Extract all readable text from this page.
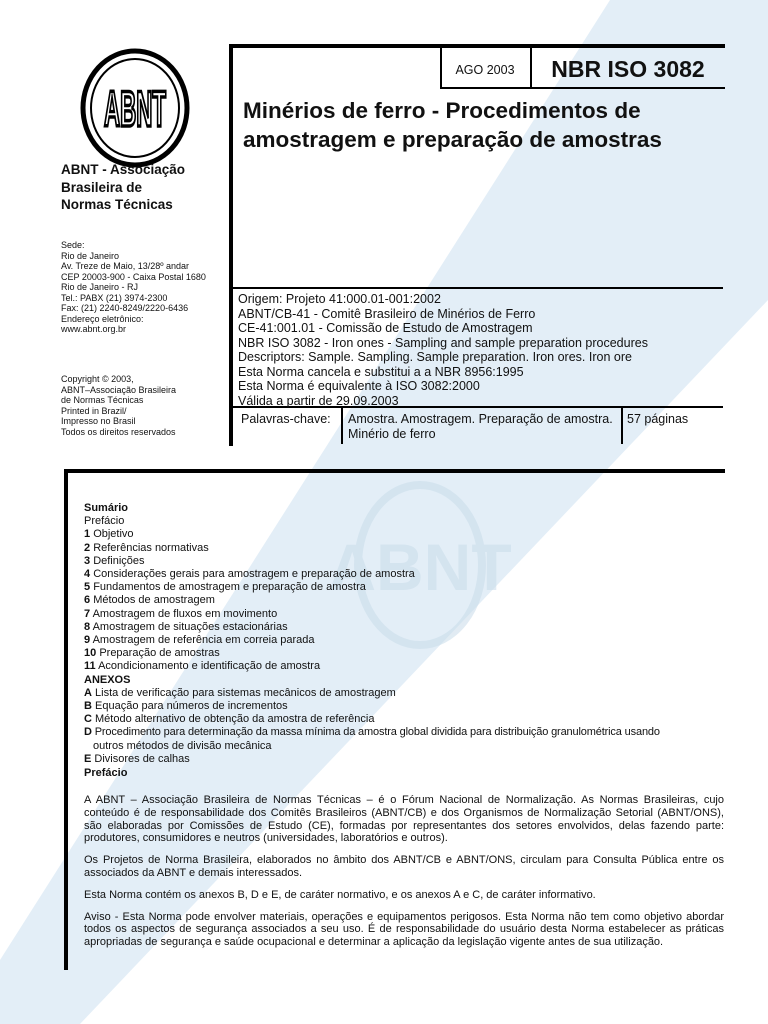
ABNT
ABNT
ABNT - Associação
Brasileira de
Normas Técnicas
Sede:
Rio de Janeiro
Av. Treze de Maio, 13/28º andar
CEP 20003-900 - Caixa Postal 1680
Rio de Janeiro - RJ
Tel.: PABX (21) 3974-2300
Fax: (21) 2240-8249/2220-6436
Endereço eletrônico:
www.abnt.org.br
Copyright © 2003,
ABNT–Associação Brasileira
de Normas Técnicas
Printed in Brazil/
Impresso no Brasil
Todos os direitos reservados
AGO 2003	NBR ISO 3082
Minérios de ferro - Procedimentos de amostragem e preparação de amostras
Origem: Projeto 41:000.01-001:2002
ABNT/CB-41 - Comitê Brasileiro de Minérios de Ferro
CE-41:001.01 - Comissão de Estudo de Amostragem
NBR ISO 3082 - Iron ones - Sampling and sample preparation procedures
Descriptors: Sample. Sampling. Sample preparation. Iron ores. Iron ore
Esta Norma cancela e substitui a a NBR 8956:1995
Esta Norma é equivalente à ISO 3082:2000
Válida a partir de 29.09.2003
Palavras-chave:	Amostra. Amostragem. Preparação de amostra. Minério de ferro
57 páginas
Sumário
Prefácio
1 Objetivo
2 Referências normativas
3 Definições
4 Considerações gerais para amostragem e preparação de amostra
5 Fundamentos de amostragem e preparação de amostra
6 Métodos de amostragem
7 Amostragem de fluxos em movimento
8 Amostragem de situações estacionárias
9 Amostragem de referência em correia parada
10 Preparação de amostras
11 Acondicionamento e identificação de amostra
ANEXOS
A Lista de verificação para sistemas mecânicos de amostragem
B Equação para números de incrementos
C Método alternativo de obtenção da amostra de referência
D Procedimento para determinação da massa mínima da amostra global dividida para distribuição granulométrica usando
outros métodos de divisão mecânica
E Divisores de calhas
Prefácio

A ABNT – Associação Brasileira de Normas Técnicas – é o Fórum Nacional de Normalização. As Normas Brasileiras, cujo conteúdo é de responsabilidade dos Comitês Brasileiros (ABNT/CB) e dos Organismos de Normalização Setorial (ABNT/ONS), são elaboradas por Comissões de Estudo (CE), formadas por representantes dos setores envolvidos, delas fazendo parte: produtores, consumidores e neutros (universidades, laboratórios e outros).

Os Projetos de Norma Brasileira, elaborados no âmbito dos ABNT/CB e ABNT/ONS, circulam para Consulta Pública entre os associados da ABNT e demais interessados.

Esta Norma contém os anexos B, D e E, de caráter normativo, e os anexos A e C, de caráter informativo.

Aviso - Esta Norma pode envolver materiais, operações e equipamentos perigosos. Esta Norma não tem como objetivo abordar todos os aspectos de segurança associados a seu uso. É de responsabilidade do usuário desta Norma estabelecer as práticas apropriadas de segurança e saúde ocupacional e determinar a aplicação da legislação vigente antes de sua utilização.
